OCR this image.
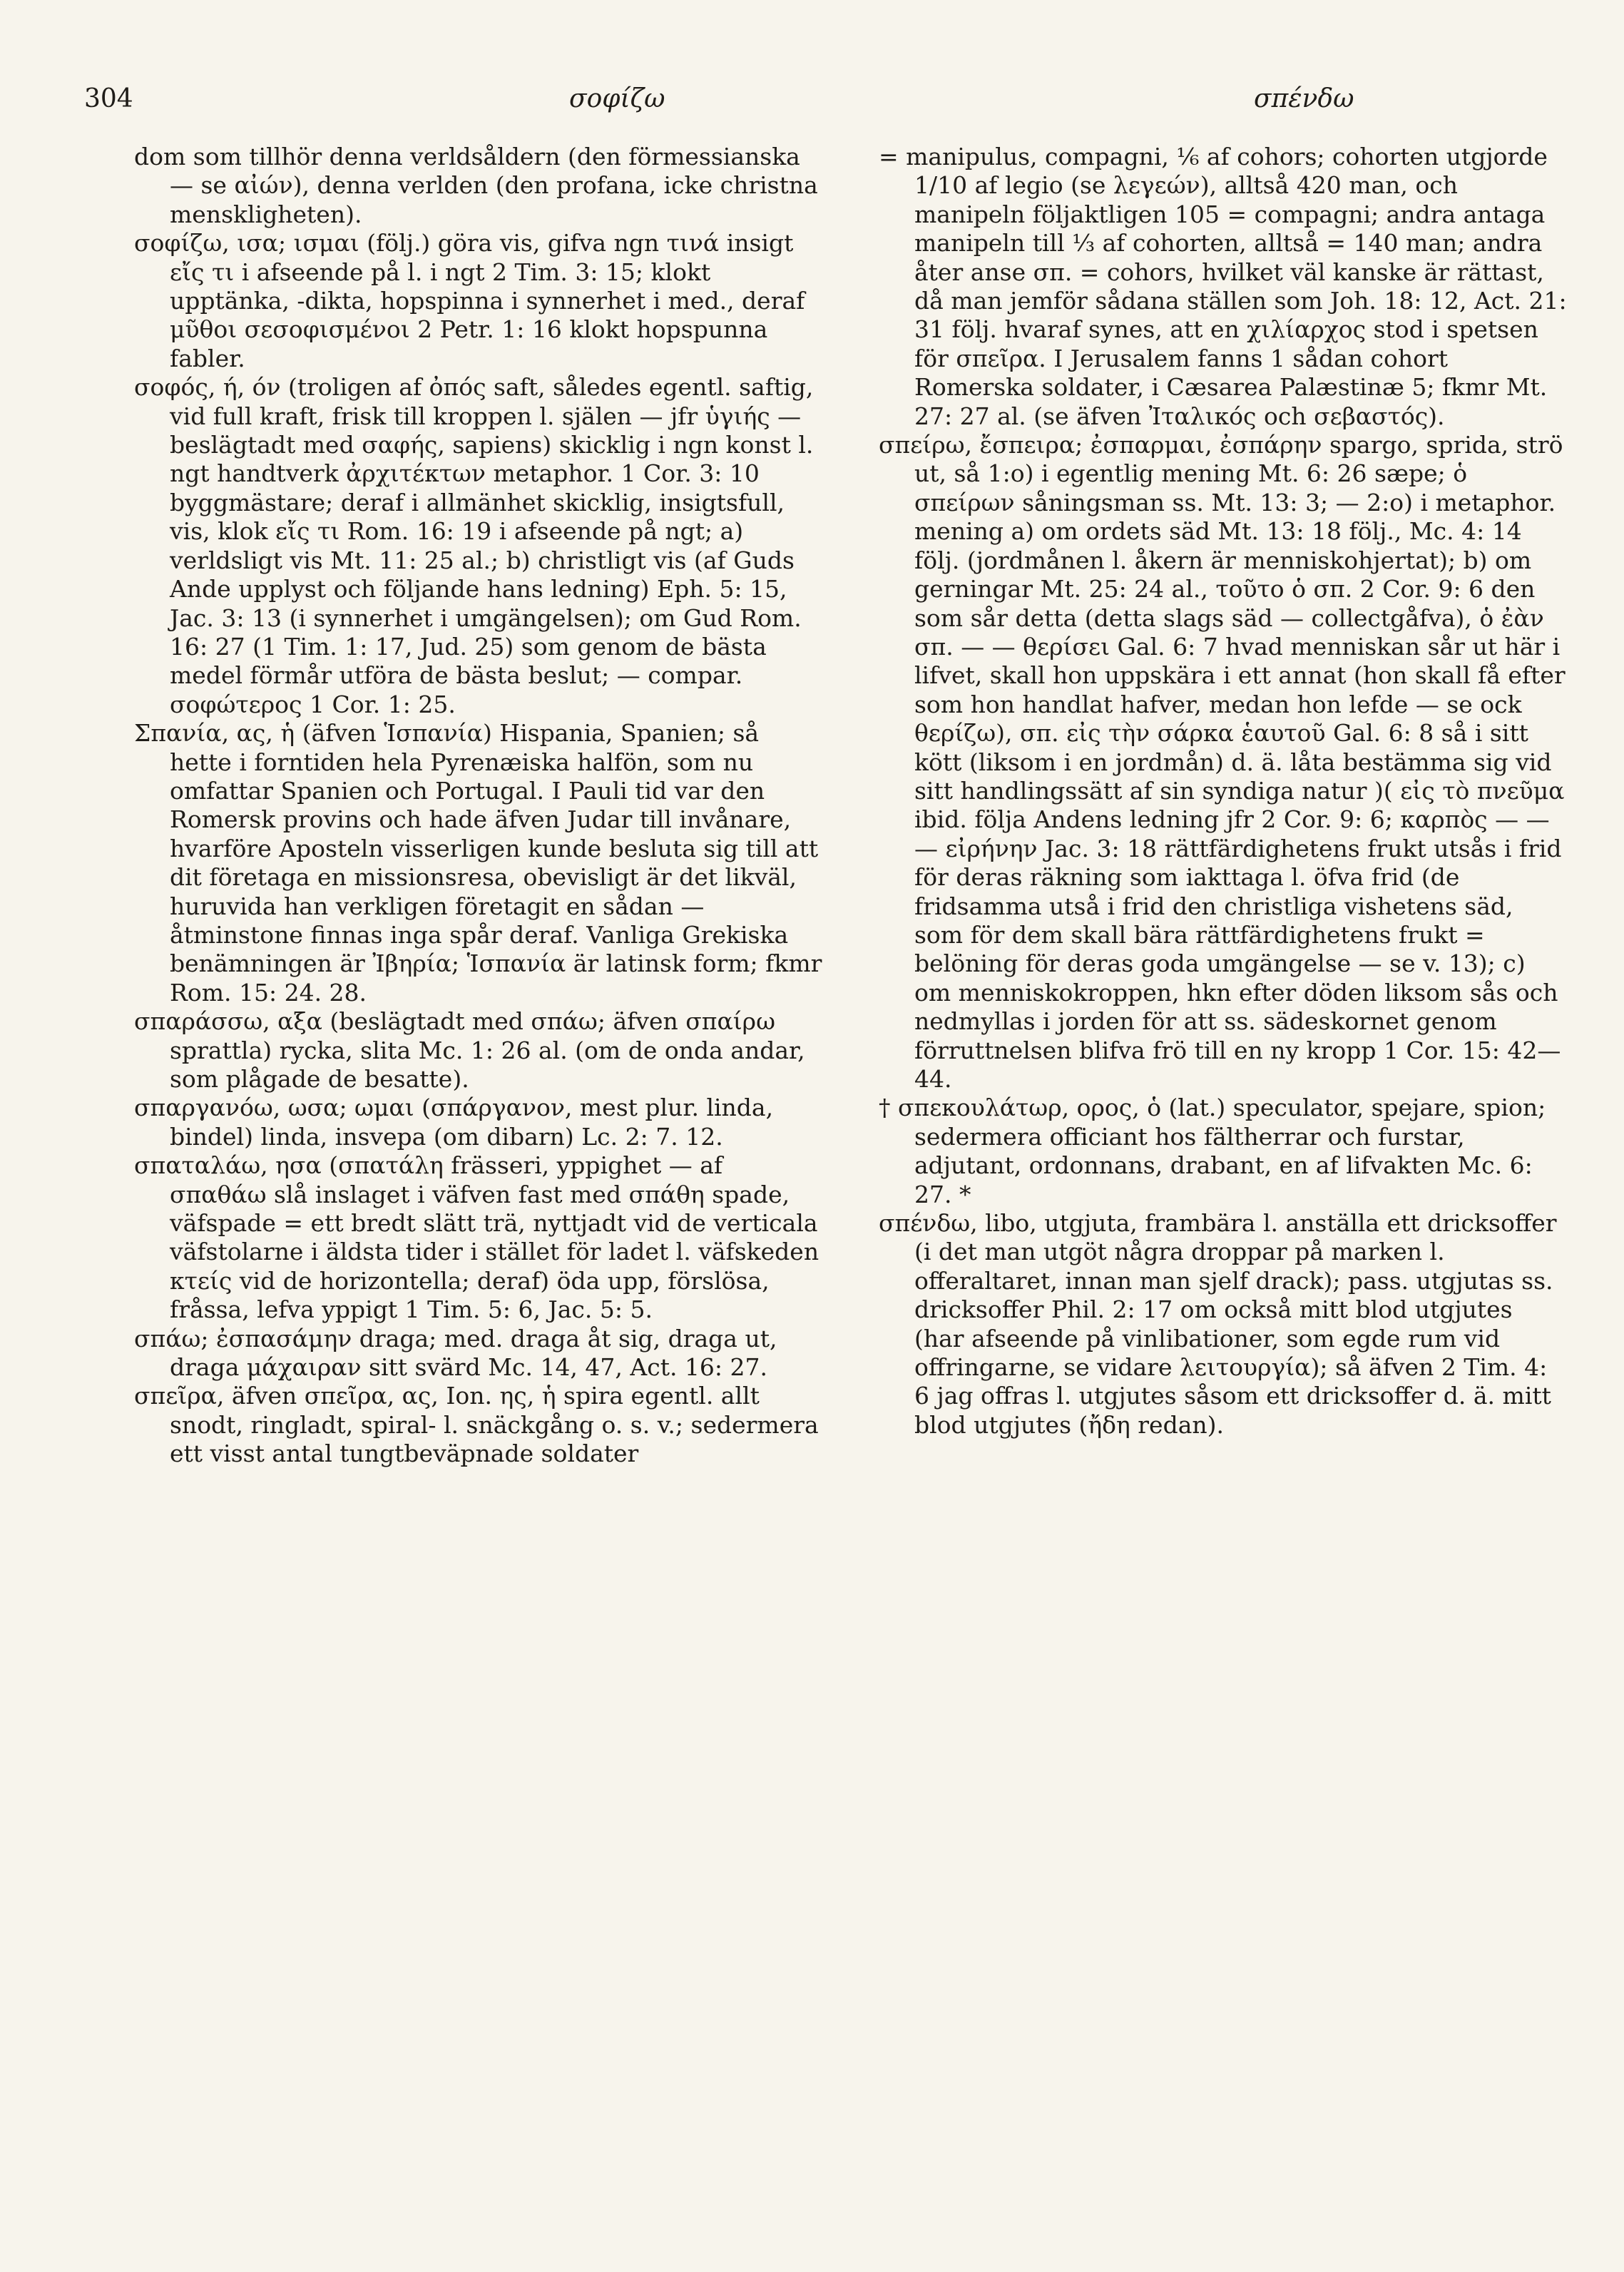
304	σοφίζω	σπένδω

dom som tillhör denna verldsåldern (den förmessianska — se αἰών), denna verlden (den profana, icke christna menskligheten).

σοφίζω, ισα; ισμαι (följ.) göra vis, gifva ngn τινά insigt εἴς τι i afseende på l. i ngt 2 Tim. 3: 15; klokt upptänka, -dikta, hopspinna i synnerhet i med., deraf μῦθοι σεσοφισμένοι 2 Petr. 1: 16 klokt hopspunna fabler.

σοφός, ή, όν (troligen af ὀπός saft, således egentl. saftig, vid full kraft, frisk till kroppen l. själen — jfr ὑγιής — beslägtadt med σαφής, sapiens) skicklig i ngn konst l. ngt handtverk ἀρχιτέκτων metaphor. 1 Cor. 3: 10 byggmästare; deraf i allmänhet skicklig, insigtsfull, vis, klok εἴς τι Rom. 16: 19 i afseende på ngt; a) verldsligt vis Mt. 11: 25 al.; b) christligt vis (af Guds Ande upplyst och följande hans ledning) Eph. 5: 15, Jac. 3: 13 (i synnerhet i umgängelsen); om Gud Rom. 16: 27 (1 Tim. 1: 17, Jud. 25) som genom de bästa medel förmår utföra de bästa beslut; — compar. σοφώτερος 1 Cor. 1: 25.

Σπανία, ας, ἡ (äfven Ἱσπανία) Hispania, Spanien; så hette i forntiden hela Pyrenæiska halfön, som nu omfattar Spanien och Portugal. I Pauli tid var den Romersk provins och hade äfven Judar till invånare, hvarföre Aposteln visserligen kunde besluta sig till att dit företaga en missionsresa, obevisligt är det likväl, huruvida han verkligen företagit en sådan — åtminstone finnas inga spår deraf. Vanliga Grekiska benämningen är Ἰβηρία; Ἱσπανία är latinsk form; fkmr Rom. 15: 24. 28.

σπαράσσω, αξα (beslägtadt med σπάω; äfven σπαίρω sprattla) rycka, slita Mc. 1: 26 al. (om de onda andar, som plågade de besatte).

σπαργανόω, ωσα; ωμαι (σπάργανον, mest plur. linda, bindel) linda, insvepa (om dibarn) Lc. 2: 7. 12.

σπαταλάω, ησα (σπατάλη frässeri, yppighet — af σπαθάω slå inslaget i väfven fast med σπάθη spade, väfspade = ett bredt slätt trä, nyttjadt vid de verticala väfstolarne i äldsta tider i stället för ladet l. väfskeden κτείς vid de horizontella; deraf) öda upp, förslösa, fråssa, lefva yppigt 1 Tim. 5: 6, Jac. 5: 5.

σπάω; ἐσπασάμην draga; med. draga åt sig, draga ut, draga μάχαιραν sitt svärd Mc. 14, 47, Act. 16: 27.

σπεῖρα, äfven σπεῖρα, ας, Ion. ης, ἡ spira egentl. allt snodt, ringladt, spiral- l. snäckgång o. s. v.; sedermera ett visst antal tungtbeväpnade soldater

= manipulus, compagni, ⅙ af cohors; cohorten utgjorde 1/10 af legio (se λεγεών), alltså 420 man, och manipeln följaktligen 105 = compagni; andra antaga manipeln till ⅓ af cohorten, alltså = 140 man; andra åter anse σπ. = cohors, hvilket väl kanske är rättast, då man jemför sådana ställen som Joh. 18: 12, Act. 21: 31 följ. hvaraf synes, att en χιλίαρχος stod i spetsen för σπεῖρα. I Jerusalem fanns 1 sådan cohort Romerska soldater, i Cæsarea Palæstinæ 5; fkmr Mt. 27: 27 al. (se äfven Ἰταλικός och σεβαστός).

σπείρω, ἔσπειρα; ἐσπαρμαι, ἐσπάρην spargo, sprida, strö ut, så 1:o) i egentlig mening Mt. 6: 26 sæpe; ὁ σπείρων såningsman ss. Mt. 13: 3; — 2:o) i metaphor. mening a) om ordets säd Mt. 13: 18 följ., Mc. 4: 14 följ. (jordmånen l. åkern är menniskohjertat); b) om gerningar Mt. 25: 24 al., τοῦτο ὁ σπ. 2 Cor. 9: 6 den som sår detta (detta slags säd — collectgåfva), ὁ ἐὰν σπ. — — θερίσει Gal. 6: 7 hvad menniskan sår ut här i lifvet, skall hon uppskära i ett annat (hon skall få efter som hon handlat hafver, medan hon lefde — se ock θερίζω), σπ. εἰς τὴν σάρκα ἑαυτοῦ Gal. 6: 8 så i sitt kött (liksom i en jordmån) d. ä. låta bestämma sig vid sitt handlingssätt af sin syndiga natur )( εἰς τὸ πνεῦμα ibid. följa Andens ledning jfr 2 Cor. 9: 6; καρπὸς — — — εἰρήνην Jac. 3: 18 rättfärdighetens frukt utsås i frid för deras räkning som iakttaga l. öfva frid (de fridsamma utså i frid den christliga vishetens säd, som för dem skall bära rättfärdighetens frukt = belöning för deras goda umgängelse — se v. 13); c) om menniskokroppen, hkn efter döden liksom sås och nedmyllas i jorden för att ss. sädeskornet genom förruttnelsen blifva frö till en ny kropp 1 Cor. 15: 42—44.

† σπεκουλάτωρ, ορος, ὁ (lat.) speculator, spejare, spion; sedermera officiant hos fältherrar och furstar, adjutant, ordonnans, drabant, en af lifvakten Mc. 6: 27. *

σπένδω, libo, utgjuta, frambära l. anställa ett dricksoffer (i det man utgöt några droppar på marken l. offeraltaret, innan man sjelf drack); pass. utgjutas ss. dricksoffer Phil. 2: 17 om också mitt blod utgjutes (har afseende på vinlibationer, som egde rum vid offringarne, se vidare λειτουργία); så äfven 2 Tim. 4: 6 jag offras l. utgjutes såsom ett dricksoffer d. ä. mitt blod utgjutes (ἤδη redan).
